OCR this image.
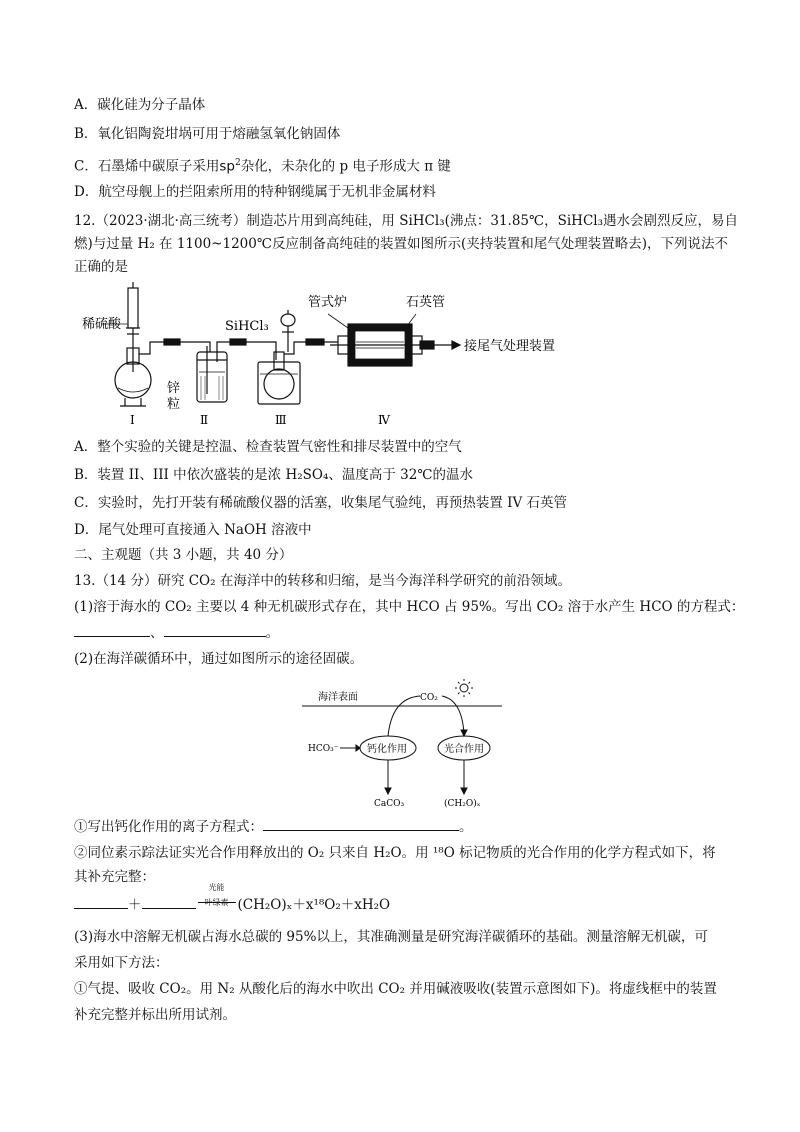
A．碳化硅为分子晶体
B．氧化铝陶瓷坩埚可用于熔融氢氧化钠固体
C．石墨烯中碳原子采用$sp^2$杂化，未杂化的 p 电子形成大 π 键
D．航空母舰上的拦阻索所用的特种钢缆属于无机非金属材料
12.（2023·湖北·高三统考）制造芯片用到高纯硅，用 SiHCl₃(沸点：31.85℃，SiHCl₃遇水会剧烈反应，易自
燃)与过量 H₂ 在 1100~1200℃反应制备高纯硅的装置如图所示(夹持装置和尾气处理装置略去)，下列说法不
正确的是
稀硫酸
锌
粒
SiHCl₃
管式炉	石英管
接尾气处理装置
Ⅰ	Ⅱ	Ⅲ	Ⅳ
A．整个实验的关键是控温、检查装置气密性和排尽装置中的空气
B．装置 II、III 中依次盛装的是浓 H₂SO₄、温度高于 32℃的温水
C．实验时，先打开装有稀硫酸仪器的活塞，收集尾气验纯，再预热装置 IV 石英管
D．尾气处理可直接通入 NaOH 溶液中
二、主观题（共 3 小题，共 40 分）
13.（14 分）研究 CO₂ 在海洋中的转移和归缩，是当今海洋科学研究的前沿领域。
(1)溶于海水的 CO₂ 主要以 4 种无机碳形式存在，其中 HCO 占 95%。写出 CO₂ 溶于水产生 HCO 的方程式：
、	。
(2)在海洋碳循环中，通过如图所示的途径固碳。
海洋表面	CO₂
HCO₃⁻	钙化作用	光合作用
CaCO₃	(CH₂O)ₓ
①写出钙化作用的离子方程式：	。
②同位素示踪法证实光合作用释放出的 O₂ 只来自 H₂O。用 ¹⁸O 标记物质的光合作用的化学方程式如下，将
其补充完整：
＋
光能
叶绿素 (CH₂O)ₓ＋x¹⁸O₂＋xH₂O
(3)海水中溶解无机碳占海水总碳的 95%以上，其准确测量是研究海洋碳循环的基础。测量溶解无机碳，可
采用如下方法：
①气提、吸收 CO₂。用 N₂ 从酸化后的海水中吹出 CO₂ 并用碱液吸收(装置示意图如下)。将虚线框中的装置
补充完整并标出所用试剂。
